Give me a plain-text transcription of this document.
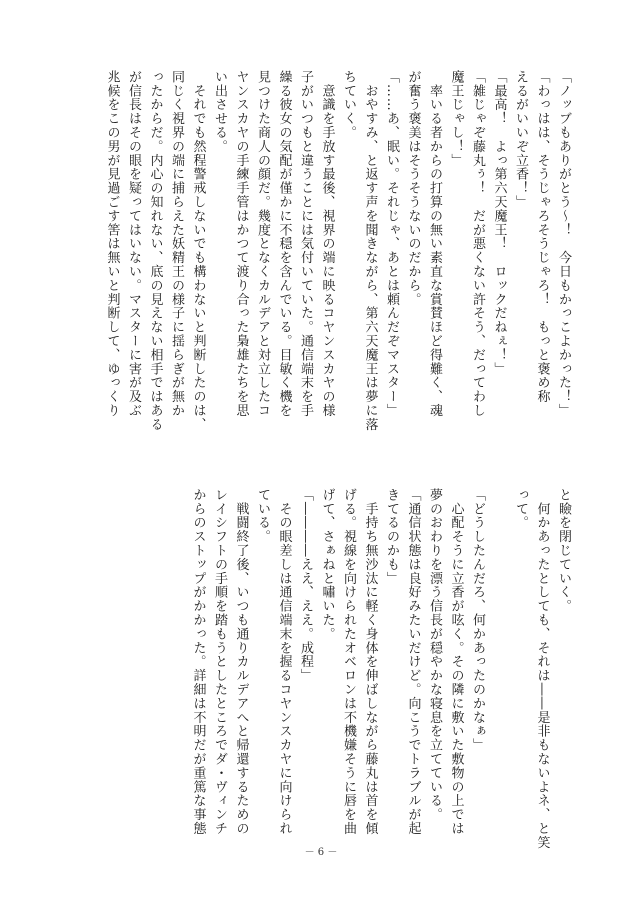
「ノッブもありがとう～！　今日もかっこよかった！」
「わっはは、そうじゃろそうじゃろ！　もっと褒め称
えるがいいぞ立香！」
「最高！　よっ第六天魔王！　ロックだねぇ！」
「雑じゃぞ藤丸ぅ！　だが悪くない許そう、だってわし
魔王じゃし！」
　率いる者からの打算の無い素直な賞賛ほど得難く、魂
が奮う褒美はそうそうないのだから。
「……あ、眠い。それじゃ、あとは頼んだぞマスター」
　おやすみ、と返す声を聞きながら、第六天魔王は夢に落
ちていく。
　意識を手放す最後、視界の端に映るコヤンスカヤの様
子がいつもと違うことには気付いていた。通信端末を手
繰る彼女の気配が僅かに不穏を含んでいる。目敏く機を
見つけた商人の顔だ。幾度となくカルデアと対立したコ
ヤンスカヤの手練手管はかつて渡り合った梟雄たちを思
い出させる。
　それでも然程警戒しないでも構わないと判断したのは、
同じく視界の端に捕らえた妖精王の様子に揺らぎが無か
ったからだ。内心の知れない、底の見えない相手ではある
が信長はその眼を疑ってはいない。マスターに害が及ぶ
兆候をこの男が見過ごす筈は無いと判断して、ゆっくり
と瞼を閉じていく。
　何かあったとしても、それは――是非もないよネ、と笑
って。

「どうしたんだろ、何かあったのかなぁ」
　心配そうに立香が呟く。その隣に敷いた敷物の上では
夢のおわりを漂う信長が穏やかな寝息を立てている。
「通信状態は良好みたいだけど。向こうでトラブルが起
きてるのかも」
　手持ち無沙汰に軽く身体を伸ばしながら藤丸は首を傾
げる。視線を向けられたオベロンは不機嫌そうに唇を曲
げて、さぁねと嘯いた。
「――――ええ、ええ。成程」
　その眼差しは通信端末を握るコヤンスカヤに向けられ
ている。
　戦闘終了後、いつも通りカルデアへと帰還するための
レイシフトの手順を踏もうとしたところでダ・ヴィンチ
からのストップがかかった。詳細は不明だが重篤な事態
－ 6 －
